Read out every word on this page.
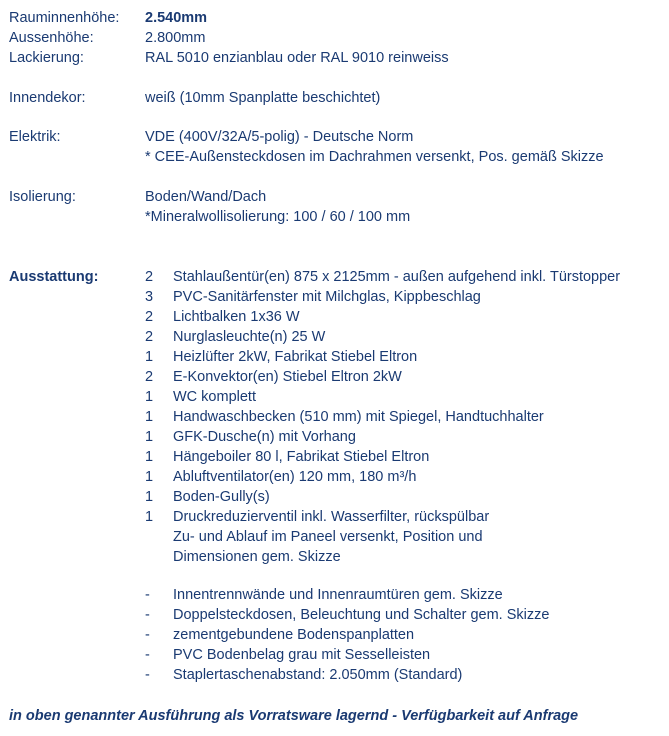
Rauminnenhöhe: 2.540mm
Aussenhöhe:	2.800mm
Lackierung:	RAL 5010 enzianblau oder RAL 9010 reinweiss
Innendekor:	weiß (10mm Spanplatte beschichtet)
Elektrik:	VDE (400V/32A/5-polig) - Deutsche Norm
* CEE-Außensteckdosen im Dachrahmen versenkt, Pos. gemäß Skizze
Isolierung:	Boden/Wand/Dach
*Mineralwollisolierung: 100 / 60 / 100 mm
Ausstattung:	2	Stahlaußentür(en) 875 x 2125mm - außen aufgehend inkl. Türstopper
3	PVC-Sanitärfenster mit Milchglas, Kippbeschlag
2	Lichtbalken 1x36 W
2	Nurglasleuchte(n) 25 W
1	Heizlüfter 2kW, Fabrikat Stiebel Eltron
2	E-Konvektor(en) Stiebel Eltron 2kW
1	WC komplett
1	Handwaschbecken (510 mm) mit Spiegel, Handtuchhalter
1	GFK-Dusche(n) mit Vorhang
1	Hängeboiler 80 l, Fabrikat Stiebel Eltron
1	Abluftventilator(en) 120 mm, 180 m³/h
1	Boden-Gully(s)
1	Druckreduzierventil inkl. Wasserfilter, rückspülbar
Zu- und Ablauf im Paneel versenkt, Position und
Dimensionen gem. Skizze
-	Innentrennwände und Innenraumtüren gem. Skizze
-	Doppelsteckdosen, Beleuchtung und Schalter gem. Skizze
-	zementgebundene Bodenspanplatten
-	PVC Bodenbelag grau mit Sesselleisten
-	Staplertaschenabstand: 2.050mm (Standard)
in oben genannter Ausführung als Vorratsware lagernd - Verfügbarkeit auf Anfrage
